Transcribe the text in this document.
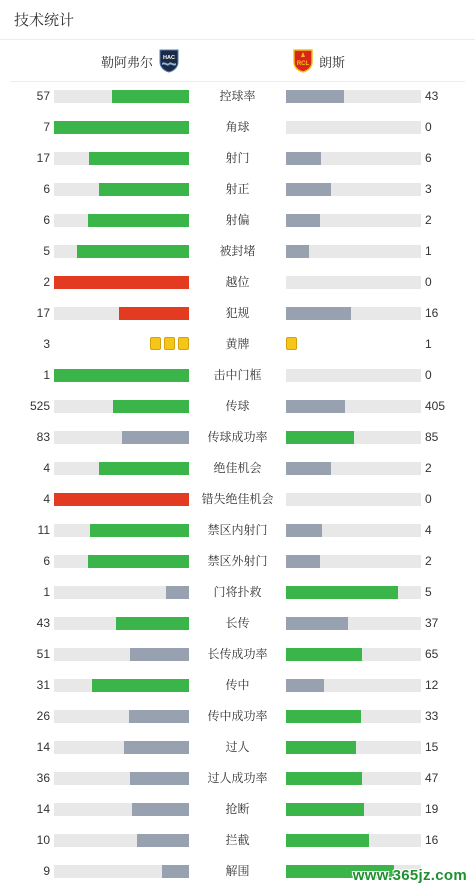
技术统计
勒阿弗尔 HAC
RCL 朗斯
57	控球率	43
7	角球	0
17	射门	6
6	射正	3
6	射偏	2
5	被封堵	1
2	越位	0
17	犯规	16
3	黄牌	1
1	击中门框	0
525	传球	405
83	传球成功率	85
4	绝佳机会	2
4	错失绝佳机会	0
11	禁区内射门	4
6	禁区外射门	2
1	门将扑救	5
43	长传	37
51	长传成功率	65
31	传中	12
26	传中成功率	33
14	过人	15
36	过人成功率	47
14	抢断	19
10	拦截	16
9	解围	www.365jz.com
